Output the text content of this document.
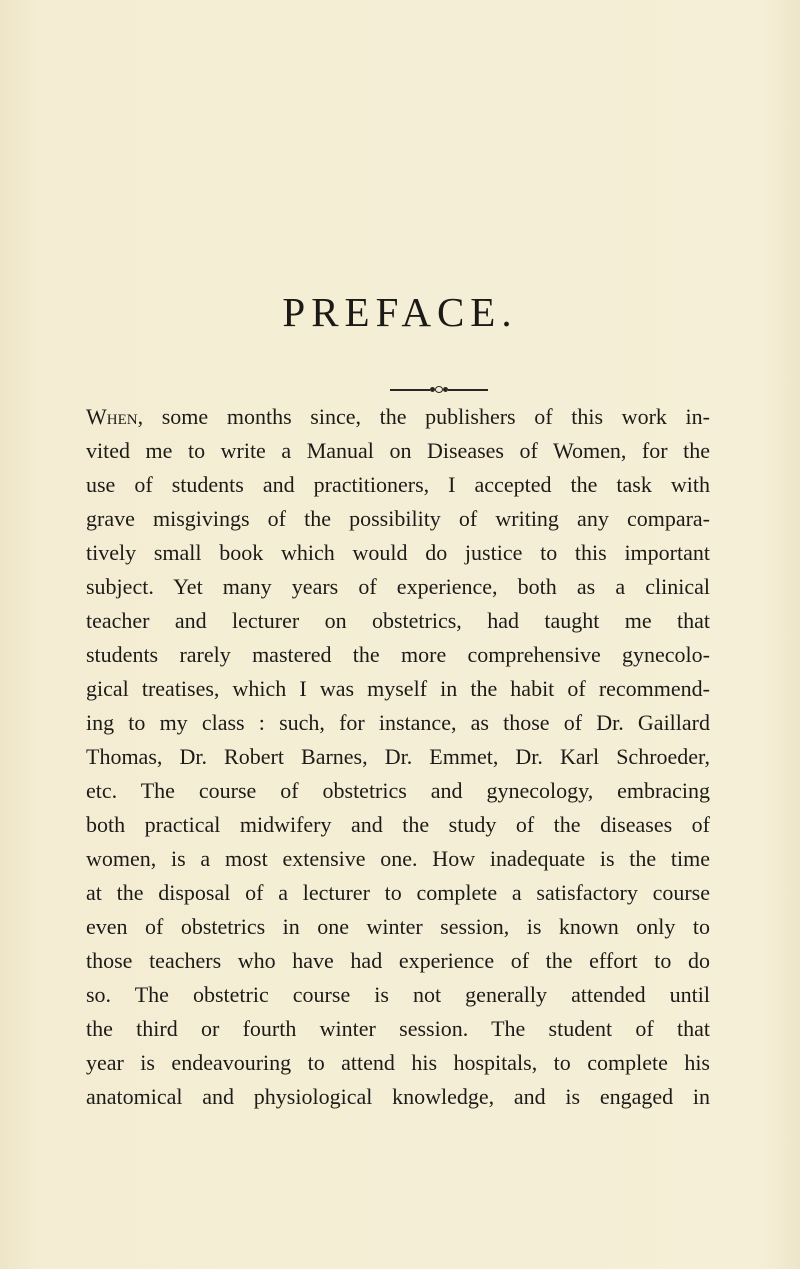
PREFACE.
When, some months since, the publishers of this work in-
vited me to write a Manual on Diseases of Women, for the
use of students and practitioners, I accepted the task with
grave misgivings of the possibility of writing any compara-
tively small book which would do justice to this important
subject. Yet many years of experience, both as a clinical
teacher and lecturer on obstetrics, had taught me that
students rarely mastered the more comprehensive gynecolo-
gical treatises, which I was myself in the habit of recommend-
ing to my class : such, for instance, as those of Dr. Gaillard
Thomas, Dr. Robert Barnes, Dr. Emmet, Dr. Karl Schroeder,
etc. The course of obstetrics and gynecology, embracing
both practical midwifery and the study of the diseases of
women, is a most extensive one. How inadequate is the time
at the disposal of a lecturer to complete a satisfactory course
even of obstetrics in one winter session, is known only to
those teachers who have had experience of the effort to do
so. The obstetric course is not generally attended until
the third or fourth winter session. The student of that
year is endeavouring to attend his hospitals, to complete his
anatomical and physiological knowledge, and is engaged in
